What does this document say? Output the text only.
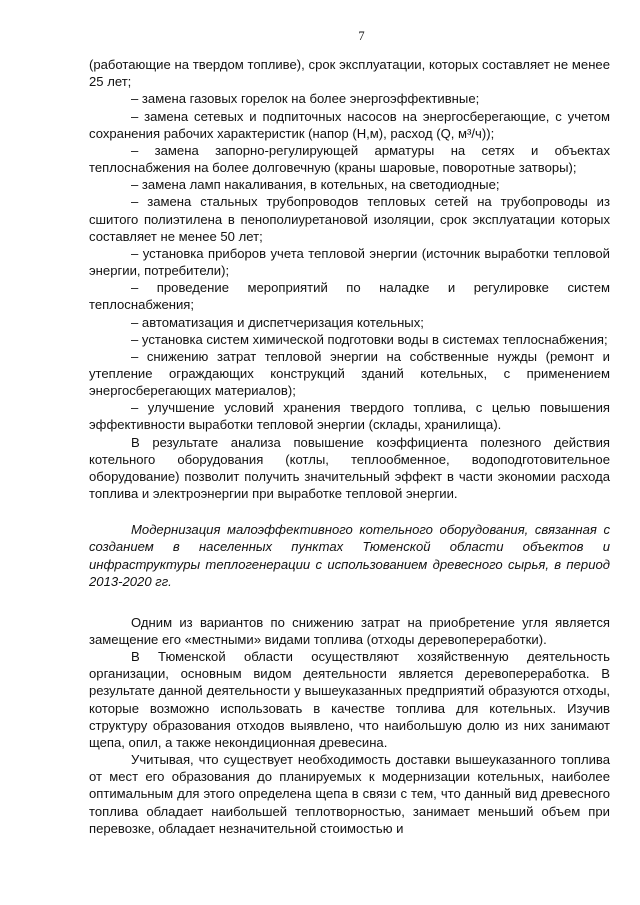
7

(работающие на твердом топливе), срок эксплуатации, которых составляет не менее 25 лет;

– замена газовых горелок на более энергоэффективные;

– замена сетевых и подпиточных насосов на энергосберегающие, с учетом сохранения рабочих характеристик (напор (Н,м), расход (Q, м³/ч));

– замена запорно-регулирующей арматуры на сетях и объектах теплоснабжения на более долговечную (краны шаровые, поворотные затворы);

– замена ламп накаливания, в котельных, на светодиодные;

– замена стальных трубопроводов тепловых сетей на трубопроводы из сшитого полиэтилена в пенополиуретановой изоляции, срок эксплуатации которых составляет не менее 50 лет;

– установка приборов учета тепловой энергии (источник выработки тепловой энергии, потребители);

– проведение мероприятий по наладке и регулировке систем теплоснабжения;

– автоматизация и диспетчеризация котельных;

– установка систем химической подготовки воды в системах теплоснабжения;

– снижению затрат тепловой энергии на собственные нужды (ремонт и утепление ограждающих конструкций зданий котельных, с применением энергосберегающих материалов);

– улучшение условий хранения твердого топлива, с целью повышения эффективности выработки тепловой энергии (склады, хранилища).

В результате анализа повышение коэффициента полезного действия котельного оборудования (котлы, теплообменное, водоподготовительное оборудование) позволит получить значительный эффект в части экономии расхода топлива и электроэнергии при выработке тепловой энергии.

Модернизация малоэффективного котельного оборудования, связанная с созданием в населенных пунктах Тюменской области объектов и инфраструктуры теплогенерации с использованием древесного сырья, в период 2013-2020 гг.

Одним из вариантов по снижению затрат на приобретение угля является замещение его «местными» видами топлива (отходы деревопереработки).

В Тюменской области осуществляют хозяйственную деятельность организации, основным видом деятельности является деревопереработка. В результате данной деятельности у вышеуказанных предприятий образуются отходы, которые возможно использовать в качестве топлива для котельных. Изучив структуру образования отходов выявлено, что наибольшую долю из них занимают щепа, опил, а также некондиционная древесина.

Учитывая, что существует необходимость доставки вышеуказанного топлива от мест его образования до планируемых к модернизации котельных, наиболее оптимальным для этого определена щепа в связи с тем, что данный вид древесного топлива обладает наибольшей теплотворностью, занимает меньший объем при перевозке, обладает незначительной стоимостью и
